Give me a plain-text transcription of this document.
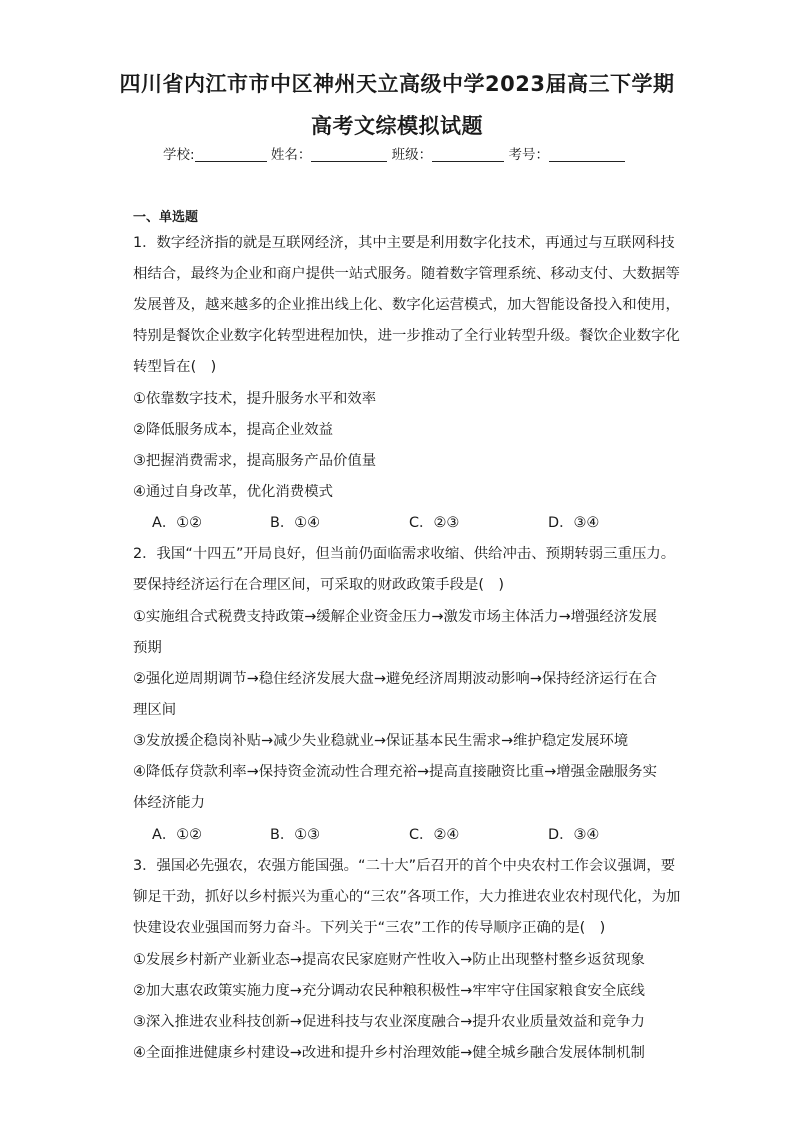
四川省内江市市中区神州天立高级中学2023届高三下学期
高考文综模拟试题
学校:	姓名：	班级：	考号：
一、单选题
1．数字经济指的就是互联网经济，其中主要是利用数字化技术，再通过与互联网科技
相结合，最终为企业和商户提供一站式服务。随着数字管理系统、移动支付、大数据等
发展普及，越来越多的企业推出线上化、数字化运营模式，加大智能设备投入和使用，
特别是餐饮企业数字化转型进程加快，进一步推动了全行业转型升级。餐饮企业数字化
转型旨在(　)
①依靠数字技术，提升服务水平和效率
②降低服务成本，提高企业效益
③把握消费需求，提高服务产品价值量
④通过自身改革，优化消费模式
A．①②	B．①④	C．②③	D．③④
2．我国“十四五”开局良好，但当前仍面临需求收缩、供给冲击、预期转弱三重压力。
要保持经济运行在合理区间，可采取的财政政策手段是(　)
①实施组合式税费支持政策→缓解企业资金压力→激发市场主体活力→增强经济发展
预期
②强化逆周期调节→稳住经济发展大盘→避免经济周期波动影响→保持经济运行在合
理区间
③发放援企稳岗补贴→减少失业稳就业→保证基本民生需求→维护稳定发展环境
④降低存贷款利率→保持资金流动性合理充裕→提高直接融资比重→增强金融服务实
体经济能力
A．①②	B．①③	C．②④	D．③④
3．强国必先强农，农强方能国强。“二十大”后召开的首个中央农村工作会议强调，要
铆足干劲，抓好以乡村振兴为重心的“三农”各项工作，大力推进农业农村现代化，为加
快建设农业强国而努力奋斗。下列关于“三农”工作的传导顺序正确的是(　)
①发展乡村新产业新业态→提高农民家庭财产性收入→防止出现整村整乡返贫现象
②加大惠农政策实施力度→充分调动农民种粮积极性→牢牢守住国家粮食安全底线
③深入推进农业科技创新→促进科技与农业深度融合→提升农业质量效益和竞争力
④全面推进健康乡村建设→改进和提升乡村治理效能→健全城乡融合发展体制机制
